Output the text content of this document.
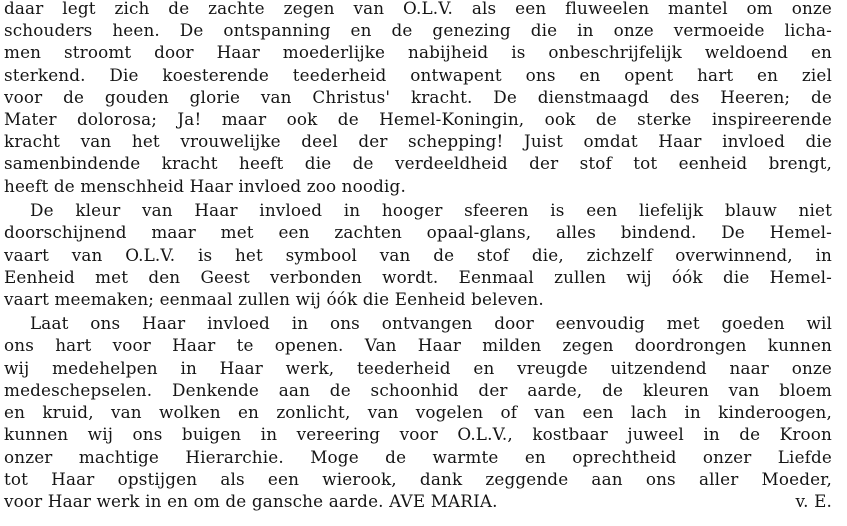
daar legt zich de zachte zegen van O.L.V. als een fluweelen mantel om onze
schouders heen. De ontspanning en de genezing die in onze vermoeide licha-
men stroomt door Haar moederlijke nabijheid is onbeschrijfelijk weldoend en
sterkend. Die koesterende teederheid ontwapent ons en opent hart en ziel
voor de gouden glorie van Christus' kracht. De dienstmaagd des Heeren; de
Mater dolorosa; Ja! maar ook de Hemel-Koningin, ook de sterke inspireerende
kracht van het vrouwelijke deel der schepping! Juist omdat Haar invloed die
samenbindende kracht heeft die de verdeeldheid der stof tot eenheid brengt,
heeft de menschheid Haar invloed zoo noodig.
De kleur van Haar invloed in hooger sfeeren is een liefelijk blauw niet
doorschijnend maar met een zachten opaal-glans, alles bindend. De Hemel-
vaart van O.L.V. is het symbool van de stof die, zichzelf overwinnend, in
Eenheid met den Geest verbonden wordt. Eenmaal zullen wij óók die Hemel-
vaart meemaken; eenmaal zullen wij óók die Eenheid beleven.
Laat ons Haar invloed in ons ontvangen door eenvoudig met goeden wil
ons hart voor Haar te openen. Van Haar milden zegen doordrongen kunnen
wij medehelpen in Haar werk, teederheid en vreugde uitzendend naar onze
medeschepselen. Denkende aan de schoonhid der aarde, de kleuren van bloem
en kruid, van wolken en zonlicht, van vogelen of van een lach in kinderoogen,
kunnen wij ons buigen in vereering voor O.L.V., kostbaar juweel in de Kroon
onzer machtige Hierarchie. Moge de warmte en oprechtheid onzer Liefde
tot Haar opstijgen als een wierook, dank zeggende aan ons aller Moeder,
voor Haar werk in en om de gansche aarde. AVE MARIA.	v. E.
